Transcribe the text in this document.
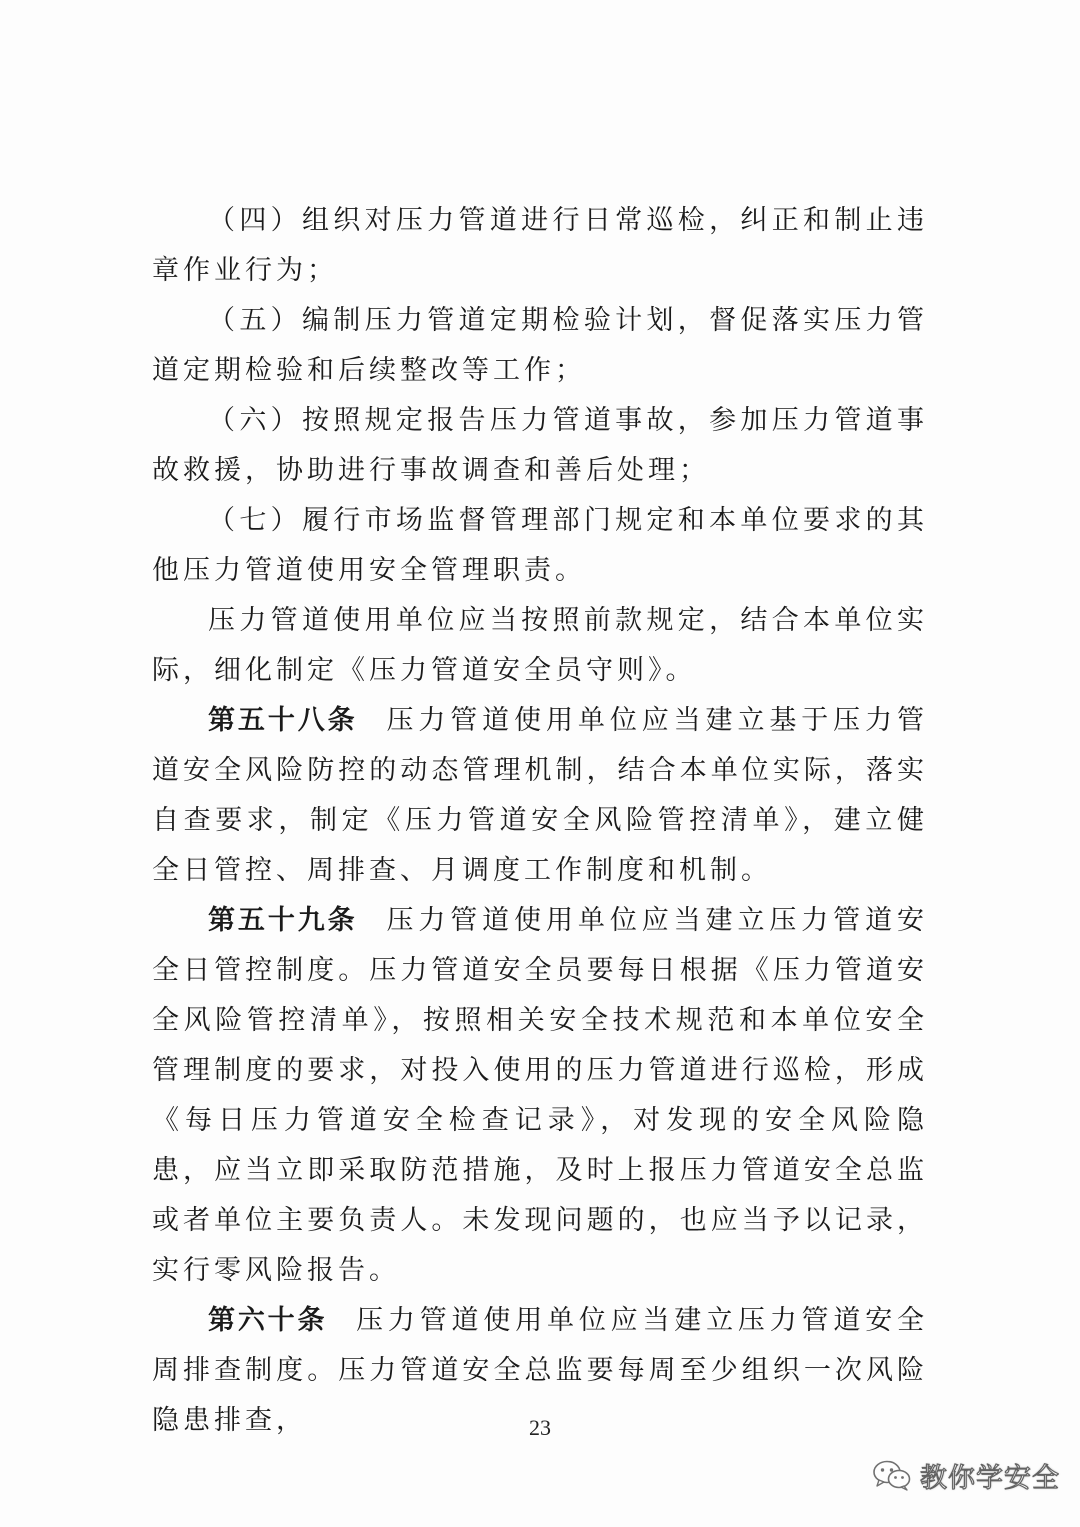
（四）组织对压力管道进行日常巡检，纠正和制止违章作业行为；

（五）编制压力管道定期检验计划，督促落实压力管道定期检验和后续整改等工作；

（六）按照规定报告压力管道事故，参加压力管道事故救援，协助进行事故调查和善后处理；

（七）履行市场监督管理部门规定和本单位要求的其他压力管道使用安全管理职责。

压力管道使用单位应当按照前款规定，结合本单位实际，细化制定《压力管道安全员守则》。

第五十八条 压力管道使用单位应当建立基于压力管道安全风险防控的动态管理机制，结合本单位实际，落实自查要求，制定《压力管道安全风险管控清单》，建立健全日管控、周排查、月调度工作制度和机制。

第五十九条 压力管道使用单位应当建立压力管道安全日管控制度。压力管道安全员要每日根据《压力管道安全风险管控清单》，按照相关安全技术规范和本单位安全管理制度的要求，对投入使用的压力管道进行巡检，形成《每日压力管道安全检查记录》，对发现的安全风险隐患，应当立即采取防范措施，及时上报压力管道安全总监或者单位主要负责人。未发现问题的，也应当予以记录，实行零风险报告。

第六十条 压力管道使用单位应当建立压力管道安全周排查制度。压力管道安全总监要每周至少组织一次风险隐患排查，	23
教你学安全
